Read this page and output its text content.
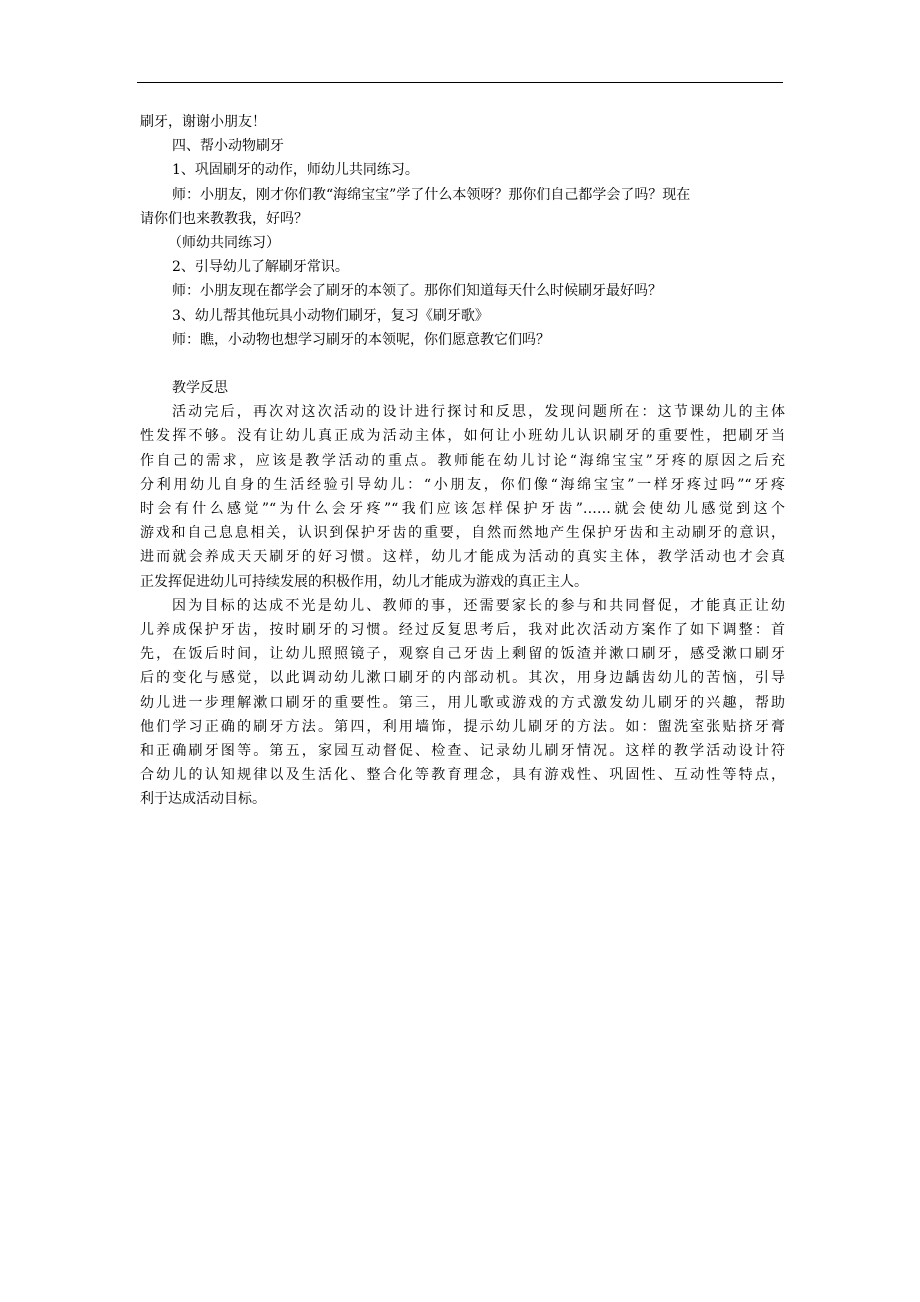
刷牙，谢谢小朋友！
四、帮小动物刷牙
1、巩固刷牙的动作，师幼儿共同练习。
师：小朋友，刚才你们教“海绵宝宝”学了什么本领呀？那你们自己都学会了吗？现在
请你们也来教教我，好吗？
（师幼共同练习）
2、引导幼儿了解刷牙常识。
师：小朋友现在都学会了刷牙的本领了。那你们知道每天什么时候刷牙最好吗？
3、幼儿帮其他玩具小动物们刷牙，复习《刷牙歌》
师：瞧，小动物也想学习刷牙的本领呢，你们愿意教它们吗？
教学反思
活动完后，再次对这次活动的设计进行探讨和反思，发现问题所在：这节课幼儿的主体
性发挥不够。没有让幼儿真正成为活动主体，如何让小班幼儿认识刷牙的重要性，把刷牙当
作自己的需求，应该是教学活动的重点。教师能在幼儿讨论“海绵宝宝”牙疼的原因之后充
分利用幼儿自身的生活经验引导幼儿：“小朋友，你们像“海绵宝宝”一样牙疼过吗”“牙疼
时会有什么感觉”“为什么会牙疼”“我们应该怎样保护牙齿”……就会使幼儿感觉到这个
游戏和自己息息相关，认识到保护牙齿的重要，自然而然地产生保护牙齿和主动刷牙的意识，
进而就会养成天天刷牙的好习惯。这样，幼儿才能成为活动的真实主体，教学活动也才会真
正发挥促进幼儿可持续发展的积极作用，幼儿才能成为游戏的真正主人。
因为目标的达成不光是幼儿、教师的事，还需要家长的参与和共同督促，才能真正让幼
儿养成保护牙齿，按时刷牙的习惯。经过反复思考后，我对此次活动方案作了如下调整：首
先，在饭后时间，让幼儿照照镜子，观察自己牙齿上剩留的饭渣并漱口刷牙，感受漱口刷牙
后的变化与感觉，以此调动幼儿漱口刷牙的内部动机。其次，用身边龋齿幼儿的苦恼，引导
幼儿进一步理解漱口刷牙的重要性。第三，用儿歌或游戏的方式激发幼儿刷牙的兴趣，帮助
他们学习正确的刷牙方法。第四，利用墙饰，提示幼儿刷牙的方法。如：盥洗室张贴挤牙膏
和正确刷牙图等。第五，家园互动督促、检查、记录幼儿刷牙情况。这样的教学活动设计符
合幼儿的认知规律以及生活化、整合化等教育理念，具有游戏性、巩固性、互动性等特点，
利于达成活动目标。
